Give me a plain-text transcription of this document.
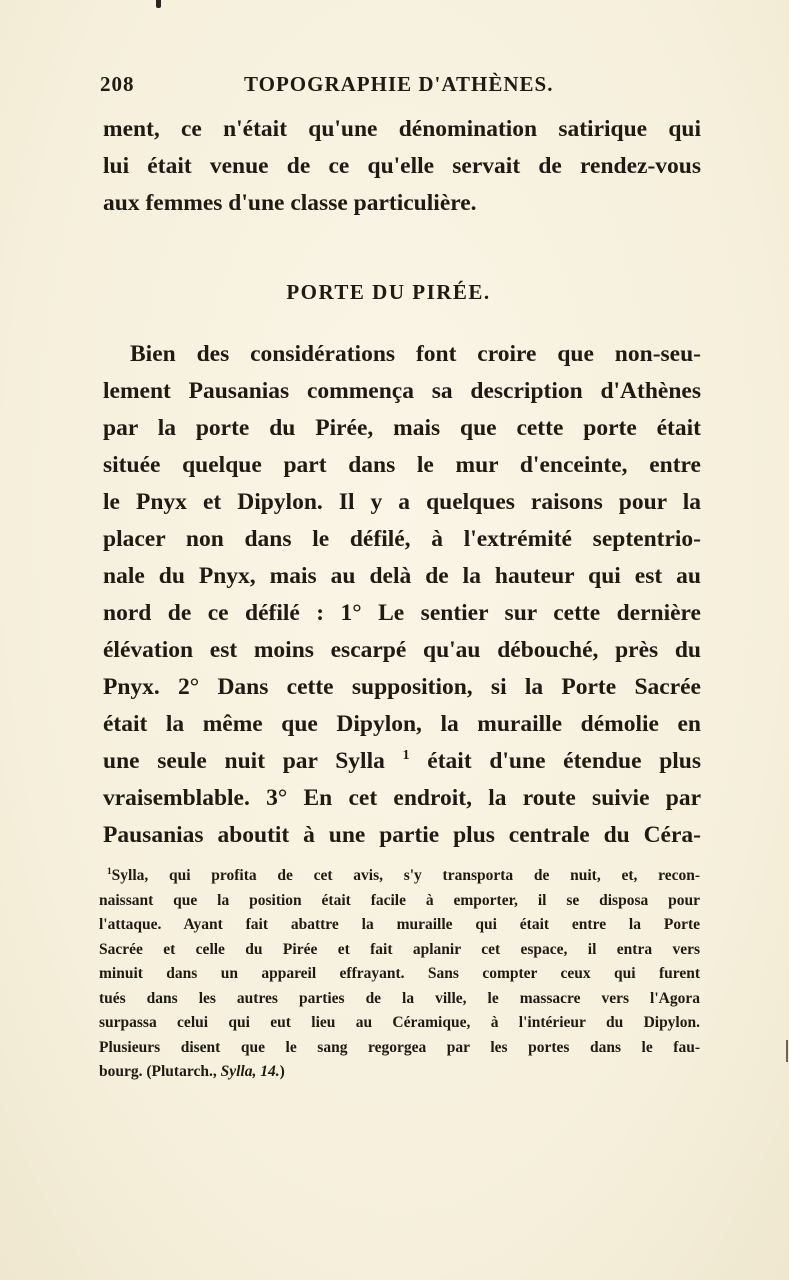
208	TOPOGRAPHIE D'ATHÈNES.
ment, ce n'était qu'une dénomination satirique qui
lui était venue de ce qu'elle servait de rendez-vous
aux femmes d'une classe particulière.
PORTE DU PIRÉE.
Bien des considérations font croire que non-seu-
lement Pausanias commença sa description d'Athènes
par la porte du Pirée, mais que cette porte était
située quelque part dans le mur d'enceinte, entre
le Pnyx et Dipylon. Il y a quelques raisons pour la
placer non dans le défilé, à l'extrémité septentrio-
nale du Pnyx, mais au delà de la hauteur qui est au
nord de ce défilé : 1° Le sentier sur cette dernière
élévation est moins escarpé qu'au débouché, près du
Pnyx. 2° Dans cette supposition, si la Porte Sacrée
était la même que Dipylon, la muraille démolie en
une seule nuit par Sylla $^1$ était d'une étendue plus
vraisemblable. 3° En cet endroit, la route suivie par
Pausanias aboutit à une partie plus centrale du Céra-
$^1$Sylla, qui profita de cet avis, s'y transporta de nuit, et, recon-
naissant que la position était facile à emporter, il se disposa pour
l'attaque. Ayant fait abattre la muraille qui était entre la Porte
Sacrée et celle du Pirée et fait aplanir cet espace, il entra vers
minuit dans un appareil effrayant. Sans compter ceux qui furent
tués dans les autres parties de la ville, le massacre vers l'Agora
surpassa celui qui eut lieu au Céramique, à l'intérieur du Dipylon.
Plusieurs disent que le sang regorgea par les portes dans le fau-
bourg. (Plutarch., Sylla, 14.)
